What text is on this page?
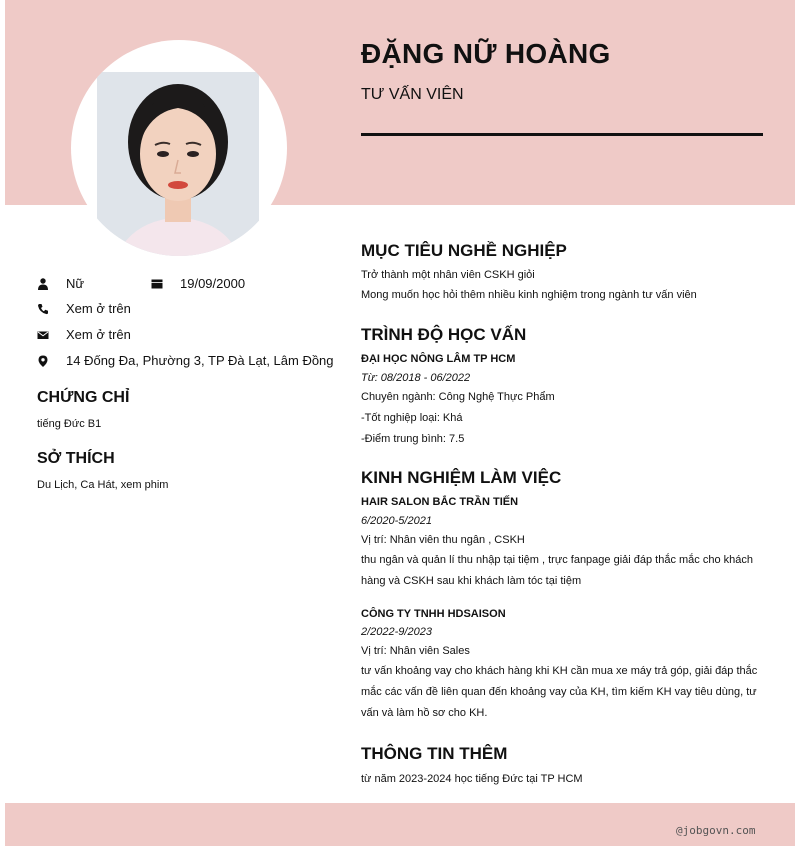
ĐẶNG NỮ HOÀNG
TƯ VẤN VIÊN
Nữ	19/09/2000
Xem ở trên
Xem ở trên
14 Đống Đa, Phường 3, TP Đà Lạt, Lâm Đồng
CHỨNG CHỈ
tiếng Đức B1
SỞ THÍCH
Du Lịch, Ca Hát, xem phim
MỤC TIÊU NGHỀ NGHIỆP
Trở thành một nhân viên CSKH giỏi
Mong muốn học hỏi thêm nhiều kinh nghiệm trong ngành tư vấn viên
TRÌNH ĐỘ HỌC VẤN
ĐẠI HỌC NÔNG LÂM TP HCM
Từ: 08/2018 - 06/2022
Chuyên ngành: Công Nghệ Thực Phẩm
-Tốt nghiệp loại: Khá
-Điểm trung bình: 7.5
KINH NGHIỆM LÀM VIỆC
HAIR SALON BẮC TRẦN TIẾN
6/2020-5/2021
Vị trí: Nhân viên thu ngân , CSKH
thu ngân và quản lí thu nhập tại tiệm , trực fanpage giải đáp thắc mắc cho khách hàng và CSKH sau khi khách làm tóc tại tiệm
CÔNG TY TNHH HDSAISON
2/2022-9/2023
Vị trí: Nhân viên Sales
tư vấn khoảng vay cho khách hàng khi KH cần mua xe máy trả góp, giải đáp thắc mắc các vấn đề liên quan đến khoảng vay của KH, tìm kiếm KH vay tiêu dùng, tư vấn và làm hồ sơ cho KH.
THÔNG TIN THÊM
từ năm 2023-2024 học tiếng Đức tại TP HCM
@jobgovn.com
